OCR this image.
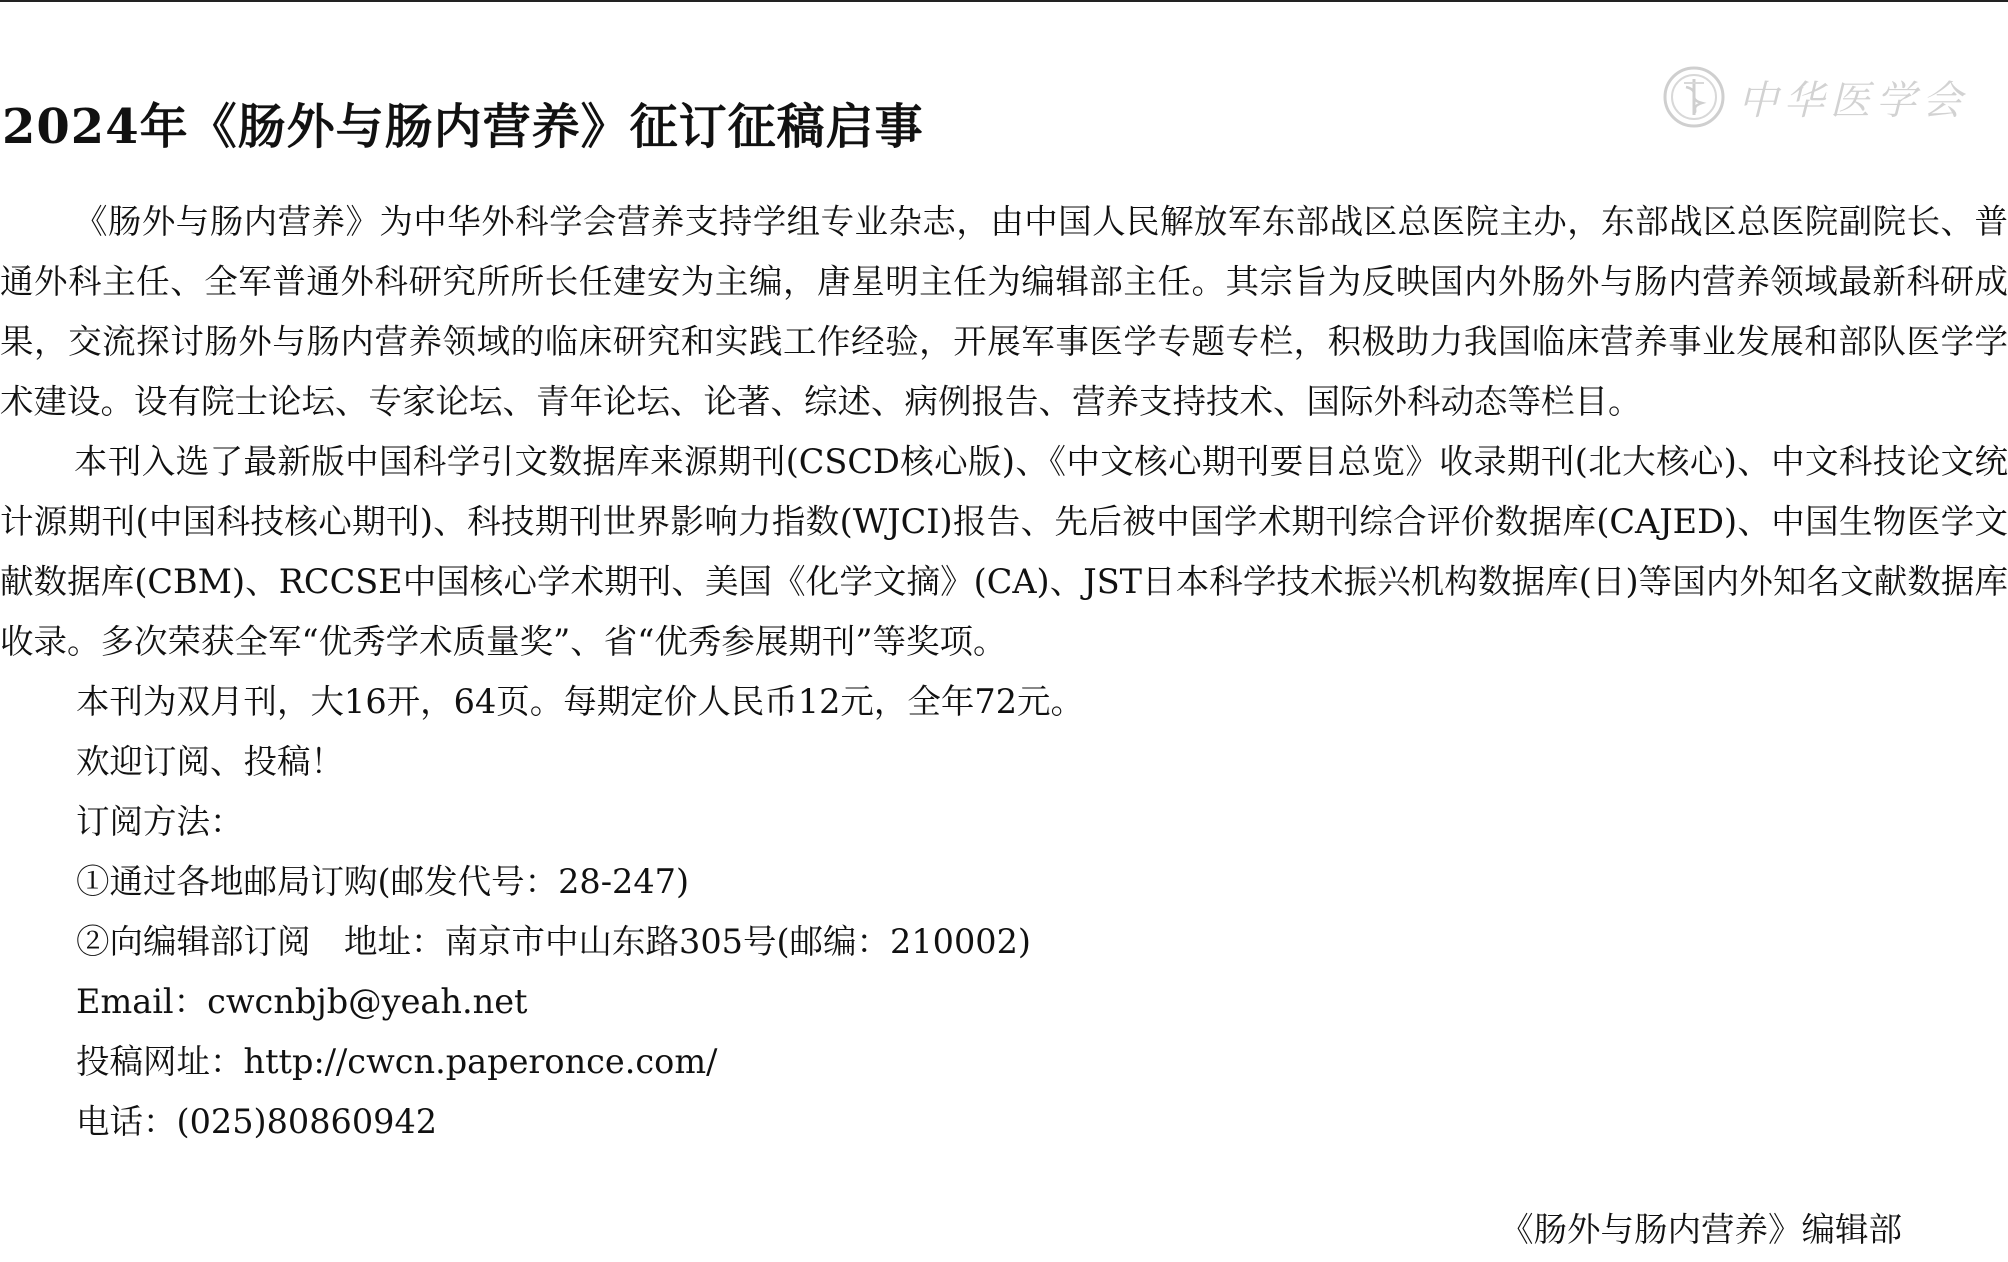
2024年《肠外与肠内营养》征订征稿启事	中华医学会

《肠外与肠内营养》为中华外科学会营养支持学组专业杂志，由中国人民解放军东部战区总医院主办，东部战区总医院副院长、普通外科主任、全军普通外科研究所所长任建安为主编，唐星明主任为编辑部主任。其宗旨为反映国内外肠外与肠内营养领域最新科研成果，交流探讨肠外与肠内营养领域的临床研究和实践工作经验，开展军事医学专题专栏，积极助力我国临床营养事业发展和部队医学学术建设。设有院士论坛、专家论坛、青年论坛、论著、综述、病例报告、营养支持技术、国际外科动态等栏目。

本刊入选了最新版中国科学引文数据库来源期刊(CSCD核心版)、《中文核心期刊要目总览》收录期刊(北大核心)、中文科技论文统计源期刊(中国科技核心期刊)、科技期刊世界影响力指数(WJCI)报告、先后被中国学术期刊综合评价数据库(CAJED)、中国生物医学文献数据库(CBM)、RCCSE中国核心学术期刊、美国《化学文摘》(CA)、JST日本科学技术振兴机构数据库(日)等国内外知名文献数据库收录。多次荣获全军“优秀学术质量奖”、省“优秀参展期刊”等奖项。

本刊为双月刊，大16开，64页。每期定价人民币12元，全年72元。

欢迎订阅、投稿！

订阅方法：

①通过各地邮局订购(邮发代号：28-247)

②向编辑部订阅　地址：南京市中山东路305号(邮编：210002)

Email：cwcnbjb@yeah.net

投稿网址：http://cwcn.paperonce.com/

电话：(025)80860942

《肠外与肠内营养》编辑部
